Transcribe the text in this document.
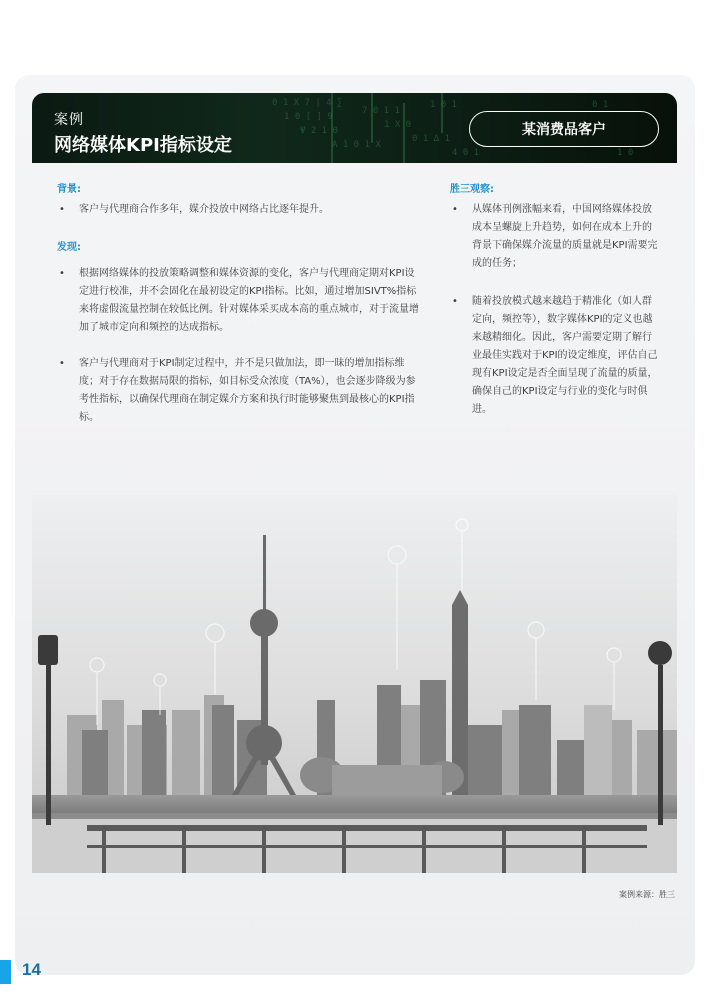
0 1 X 7 | 4 ∑
1 0 [ ] 9
Ψ 2 1 0
A 1 0 1 X
7 0 1 1
1 X 0
0 1 ∆ 1
1 0 1
4 0 1
0 1
1 0
案例
网络媒体KPI指标设定
某消费品客户
背景:
• 客户与代理商合作多年，媒介投放中网络占比逐年提升。
发现:
• 根据网络媒体的投放策略调整和媒体资源的变化，客户与代理商定期对KPI设定进行校准，并不会固化在最初设定的KPI指标。比如，通过增加SIVT%指标来将虚假流量控制在较低比例。针对媒体采买成本高的重点城市，对于流量增加了城市定向和频控的达成指标。
• 客户与代理商对于KPI制定过程中，并不是只做加法，即一昧的增加指标维度；对于存在数据局限的指标，如目标受众浓度（TA%），也会逐步降级为参考性指标，以确保代理商在制定媒介方案和执行时能够聚焦到最核心的KPI指标。
胜三观察:
• 从媒体刊例涨幅来看，中国网络媒体投放成本呈螺旋上升趋势，如何在成本上升的背景下确保媒介流量的质量就是KPI需要完成的任务；
• 随着投放模式越来越趋于精准化（如人群定向，频控等），数字媒体KPI的定义也越来越精细化。因此，客户需要定期了解行业最佳实践对于KPI的设定维度，评估自己现有KPI设定是否全面呈现了流量的质量，确保自己的KPI设定与行业的变化与时俱进。
案例来源：胜三
14
